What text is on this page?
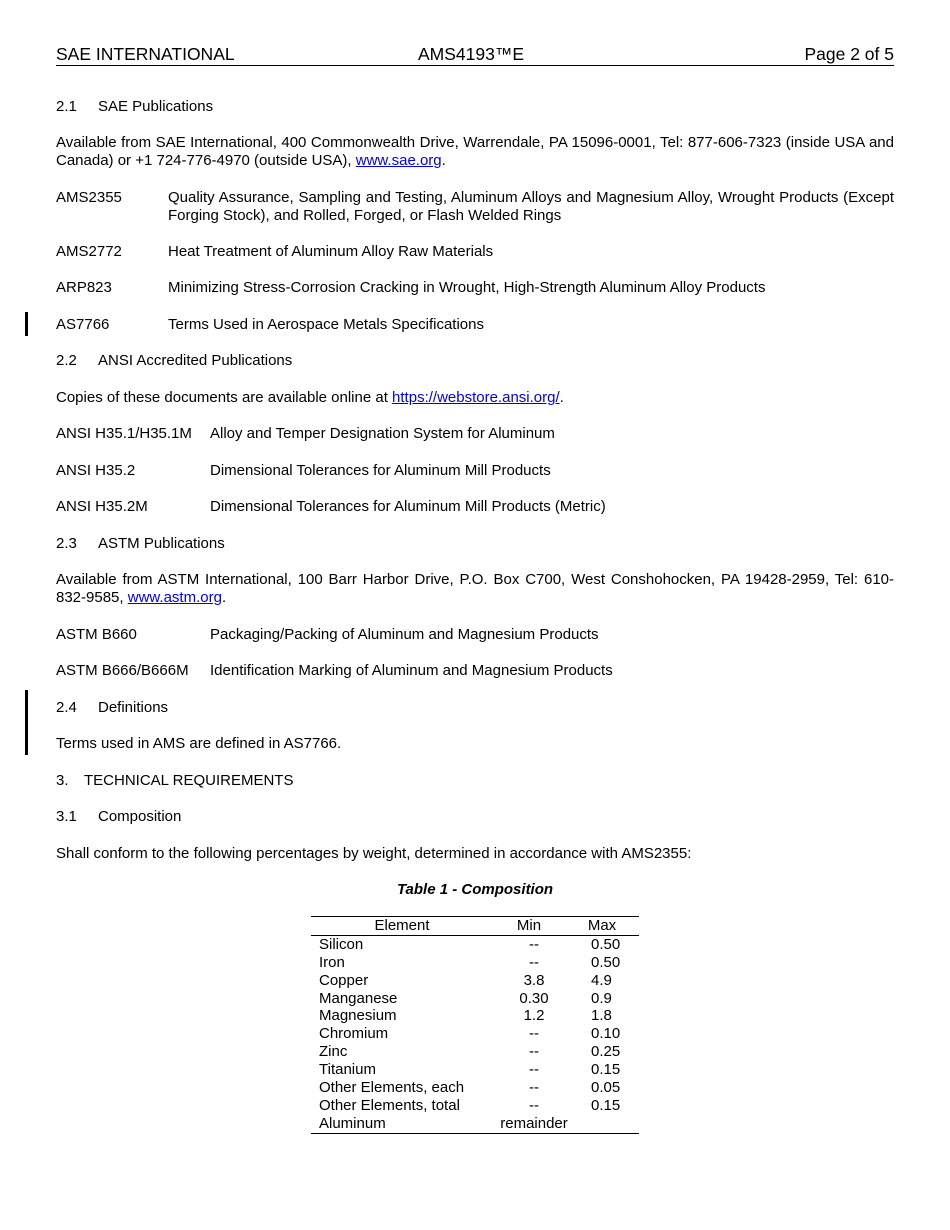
SAE INTERNATIONAL	AMS4193™E	Page 2 of 5
2.1 SAE Publications
Available from SAE International, 400 Commonwealth Drive, Warrendale, PA 15096-0001, Tel: 877-606-7323 (inside USA and Canada) or +1 724-776-4970 (outside USA), www.sae.org.
AMS2355	Quality Assurance, Sampling and Testing, Aluminum Alloys and Magnesium Alloy, Wrought Products (Except Forging Stock), and Rolled, Forged, or Flash Welded Rings
AMS2772	Heat Treatment of Aluminum Alloy Raw Materials
ARP823	Minimizing Stress-Corrosion Cracking in Wrought, High-Strength Aluminum Alloy Products
AS7766	Terms Used in Aerospace Metals Specifications
2.2 ANSI Accredited Publications
Copies of these documents are available online at https://webstore.ansi.org/.
ANSI H35.1/H35.1M Alloy and Temper Designation System for Aluminum
ANSI H35.2	Dimensional Tolerances for Aluminum Mill Products
ANSI H35.2M	Dimensional Tolerances for Aluminum Mill Products (Metric)
2.3 ASTM Publications
Available from ASTM International, 100 Barr Harbor Drive, P.O. Box C700, West Conshohocken, PA 19428-2959, Tel: 610-832-9585, www.astm.org.
ASTM B660	Packaging/Packing of Aluminum and Magnesium Products
ASTM B666/B666M Identification Marking of Aluminum and Magnesium Products
2.4 Definitions
Terms used in AMS are defined in AS7766.
3. TECHNICAL REQUIREMENTS
3.1 Composition
Shall conform to the following percentages by weight, determined in accordance with AMS2355:
Table 1 - Composition
Element	Min	Max
Silicon	--	0.50
Iron	--	0.50
Copper	3.8	4.9
Manganese	0.30	0.9
Magnesium	1.2	1.8
Chromium	--	0.10
Zinc	--	0.25
Titanium	--	0.15
Other Elements, each	--	0.05
Other Elements, total	--	0.15
Aluminum	remainder
